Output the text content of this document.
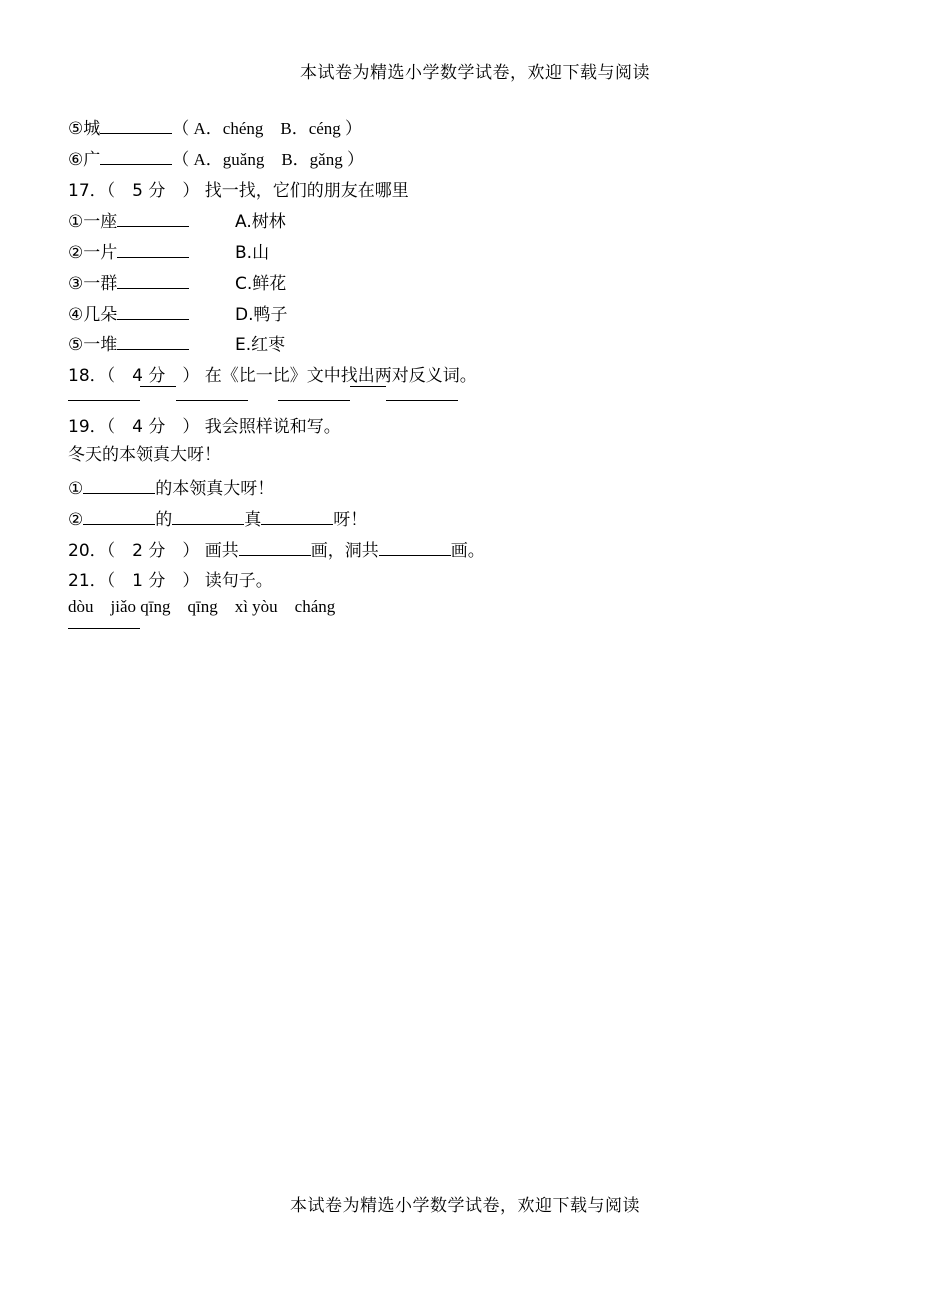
本试卷为精选小学数学试卷，欢迎下载与阅读
⑤城	（ A．chéng　B．céng ）
⑥广	（ A．guǎng　B．gǎng ）
17．（　5 分　） 找一找，它们的朋友在哪里
①一座	A.树林
②一片	B.山
③一群	C.鲜花
④几朵	D.鸭子
⑤一堆	E.红枣
18．（　4 分　） 在《比一比》文中找出两对反义词。
19．（　4 分　） 我会照样说和写。
冬天的本领真大呀！
①	的本领真大呀！
②	的	真	呀！
20．（　2 分　） 画共	画，洞共	画。
21．（　1 分　） 读句子。
dòu　jiǎo qīng　qīng　xì yòu　cháng
本试卷为精选小学数学试卷，欢迎下载与阅读
